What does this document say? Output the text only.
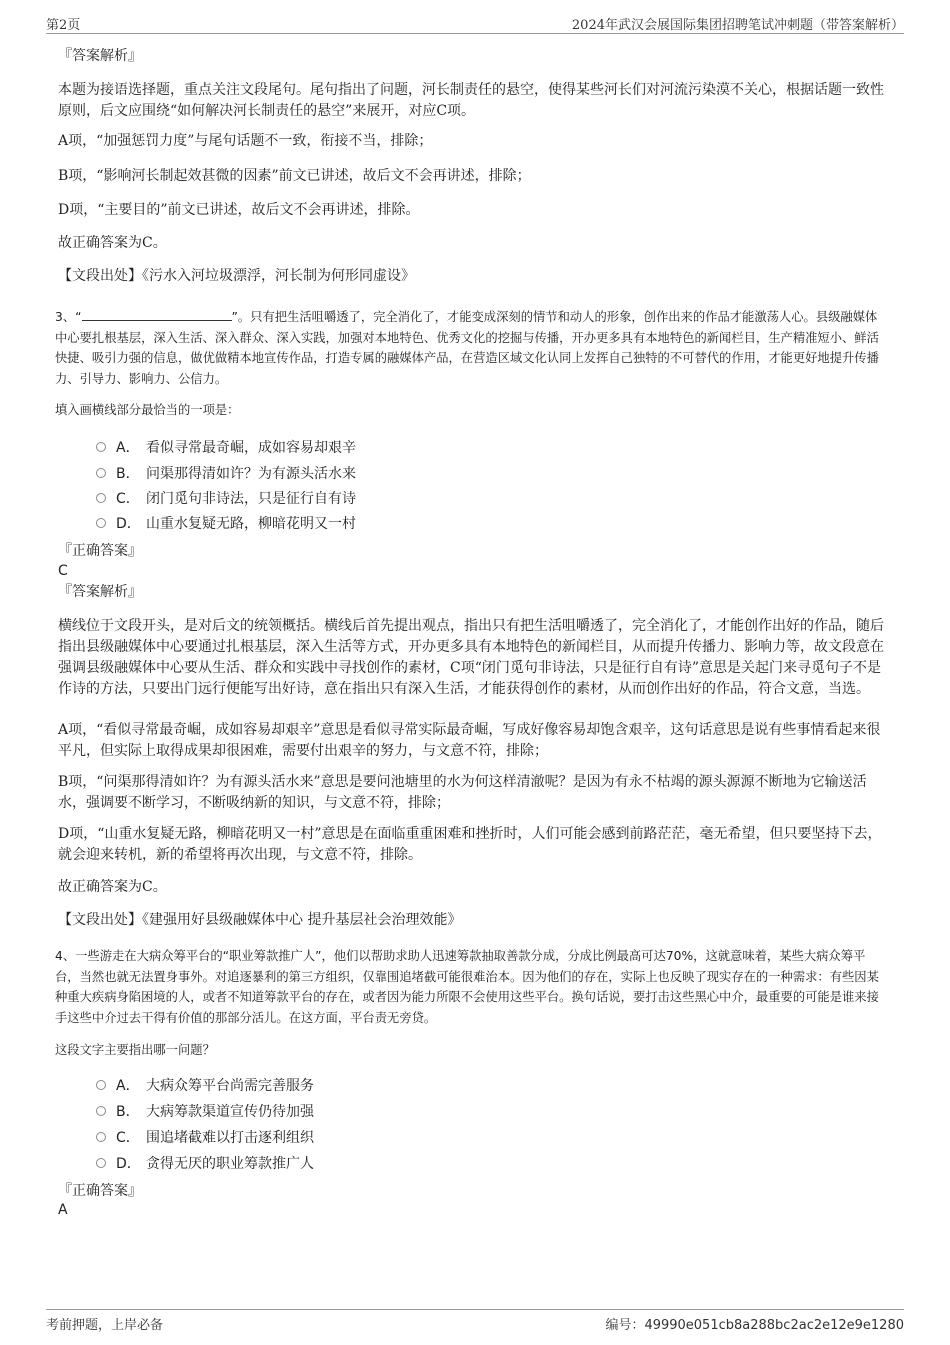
第2页	2024年武汉会展国际集团招聘笔试冲刺题（带答案解析）
『答案解析』

本题为接语选择题，重点关注文段尾句。尾句指出了问题，河长制责任的悬空，使得某些河长们对河流污染漠不关心，根据话题一致性原则，后文应围绕“如何解决河长制责任的悬空”来展开，对应C项。

A项，“加强惩罚力度”与尾句话题不一致，衔接不当，排除；

B项，“影响河长制起效甚微的因素”前文已讲述，故后文不会再讲述，排除；

D项，“主要目的”前文已讲述，故后文不会再讲述，排除。

故正确答案为C。

【文段出处】《污水入河垃圾漂浮，河长制为何形同虚设》

3、“	”。只有把生活咀嚼透了，完全消化了，才能变成深刻的情节和动人的形象，创作出来的作品才能激荡人心。县级融媒体中心要扎根基层，深入生活、深入群众、深入实践，加强对本地特色、优秀文化的挖掘与传播，开办更多具有本地特色的新闻栏目，生产精准短小、鲜活快捷、吸引力强的信息，做优做精本地宣传作品，打造专属的融媒体产品，在营造区域文化认同上发挥自己独特的不可替代的作用，才能更好地提升传播力、引导力、影响力、公信力。

填入画横线部分最恰当的一项是：

A． 看似寻常最奇崛，成如容易却艰辛
B． 问渠那得清如许？为有源头活水来
C． 闭门觅句非诗法，只是征行自有诗
D． 山重水复疑无路，柳暗花明又一村
『正确答案』
C
『答案解析』

横线位于文段开头，是对后文的统领概括。横线后首先提出观点，指出只有把生活咀嚼透了，完全消化了，才能创作出好的作品，随后指出县级融媒体中心要通过扎根基层，深入生活等方式，开办更多具有本地特色的新闻栏目，从而提升传播力、影响力等，故文段意在强调县级融媒体中心要从生活、群众和实践中寻找创作的素材，C项“闭门觅句非诗法，只是征行自有诗”意思是关起门来寻觅句子不是作诗的方法，只要出门远行便能写出好诗，意在指出只有深入生活，才能获得创作的素材，从而创作出好的作品，符合文意，当选。

A项，“看似寻常最奇崛，成如容易却艰辛”意思是看似寻常实际最奇崛，写成好像容易却饱含艰辛，这句话意思是说有些事情看起来很平凡，但实际上取得成果却很困难，需要付出艰辛的努力，与文意不符，排除；

B项，“问渠那得清如许？为有源头活水来”意思是要问池塘里的水为何这样清澈呢？是因为有永不枯竭的源头源源不断地为它输送活水，强调要不断学习，不断吸纳新的知识，与文意不符，排除；

D项，“山重水复疑无路，柳暗花明又一村”意思是在面临重重困难和挫折时，人们可能会感到前路茫茫，毫无希望，但只要坚持下去，就会迎来转机，新的希望将再次出现，与文意不符，排除。

故正确答案为C。

【文段出处】《建强用好县级融媒体中心 提升基层社会治理效能》

4、一些游走在大病众筹平台的“职业筹款推广人”，他们以帮助求助人迅速筹款抽取善款分成，分成比例最高可达70%，这就意味着，某些大病众筹平台，当然也就无法置身事外。对追逐暴利的第三方组织，仅靠围追堵截可能很难治本。因为他们的存在，实际上也反映了现实存在的一种需求：有些因某种重大疾病身陷困境的人，或者不知道筹款平台的存在，或者因为能力所限不会使用这些平台。换句话说，要打击这些黑心中介，最重要的可能是谁来接手这些中介过去干得有价值的那部分活儿。在这方面，平台责无旁贷。

这段文字主要指出哪一问题？

A． 大病众筹平台尚需完善服务
B． 大病筹款渠道宣传仍待加强
C． 围追堵截难以打击逐利组织
D． 贪得无厌的职业筹款推广人
『正确答案』
A
考前押题，上岸必备	编号：49990e051cb8a288bc2ac2e12e9e1280
